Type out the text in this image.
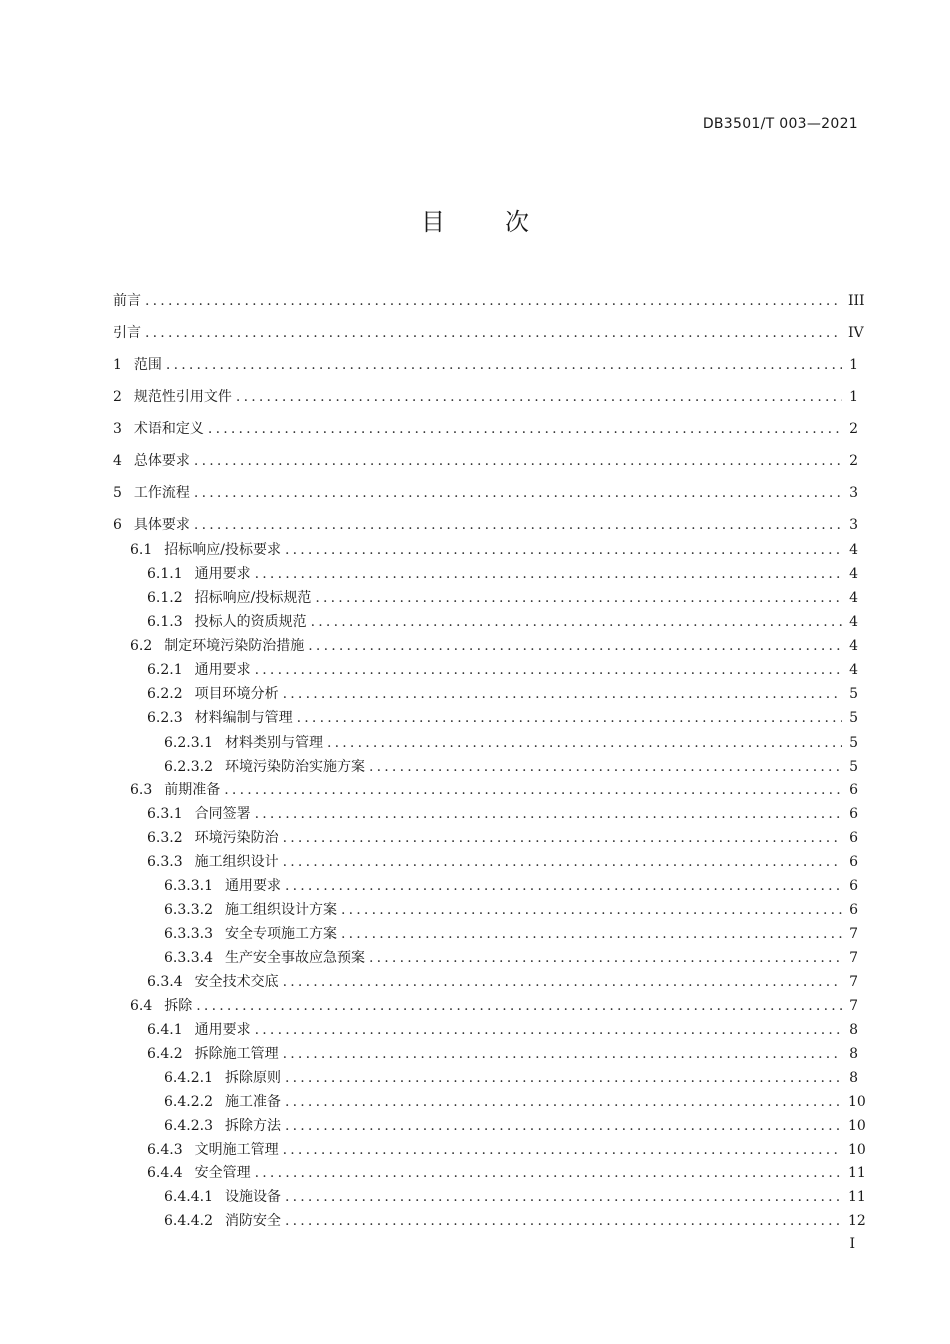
DB3501/T 003—2021
目	次
前言 .....	III
引言 .....	IV
1 范围 .....	1
2 规范性引用文件 .....	1
3 术语和定义 .....	2
4 总体要求 .....	2
5 工作流程 .....	3
6 具体要求 .....	3
6.1 招标响应/投标要求 .....	4
6.1.1 通用要求 .....	4
6.1.2 招标响应/投标规范 .....	4
6.1.3 投标人的资质规范 .....	4
6.2 制定环境污染防治措施 .....	4
6.2.1 通用要求 .....	4
6.2.2 项目环境分析 .....	5
6.2.3 材料编制与管理 .....	5
6.2.3.1 材料类别与管理 .....	5
6.2.3.2 环境污染防治实施方案 .....	5
6.3 前期准备 .....	6
6.3.1 合同签署 .....	6
6.3.2 环境污染防治 .....	6
6.3.3 施工组织设计 .....	6
6.3.3.1 通用要求 .....	6
6.3.3.2 施工组织设计方案 .....	6
6.3.3.3 安全专项施工方案 .....	7
6.3.3.4 生产安全事故应急预案 .....	7
6.3.4 安全技术交底 .....	7
6.4 拆除 .....	7
6.4.1 通用要求 .....	8
6.4.2 拆除施工管理 .....	8
6.4.2.1 拆除原则 .....	8
6.4.2.2 施工准备 .....	10
6.4.2.3 拆除方法 .....	10
6.4.3 文明施工管理 .....	10
6.4.4 安全管理 .....	11
6.4.4.1 设施设备 .....	11
6.4.4.2 消防安全 .....	12
I
